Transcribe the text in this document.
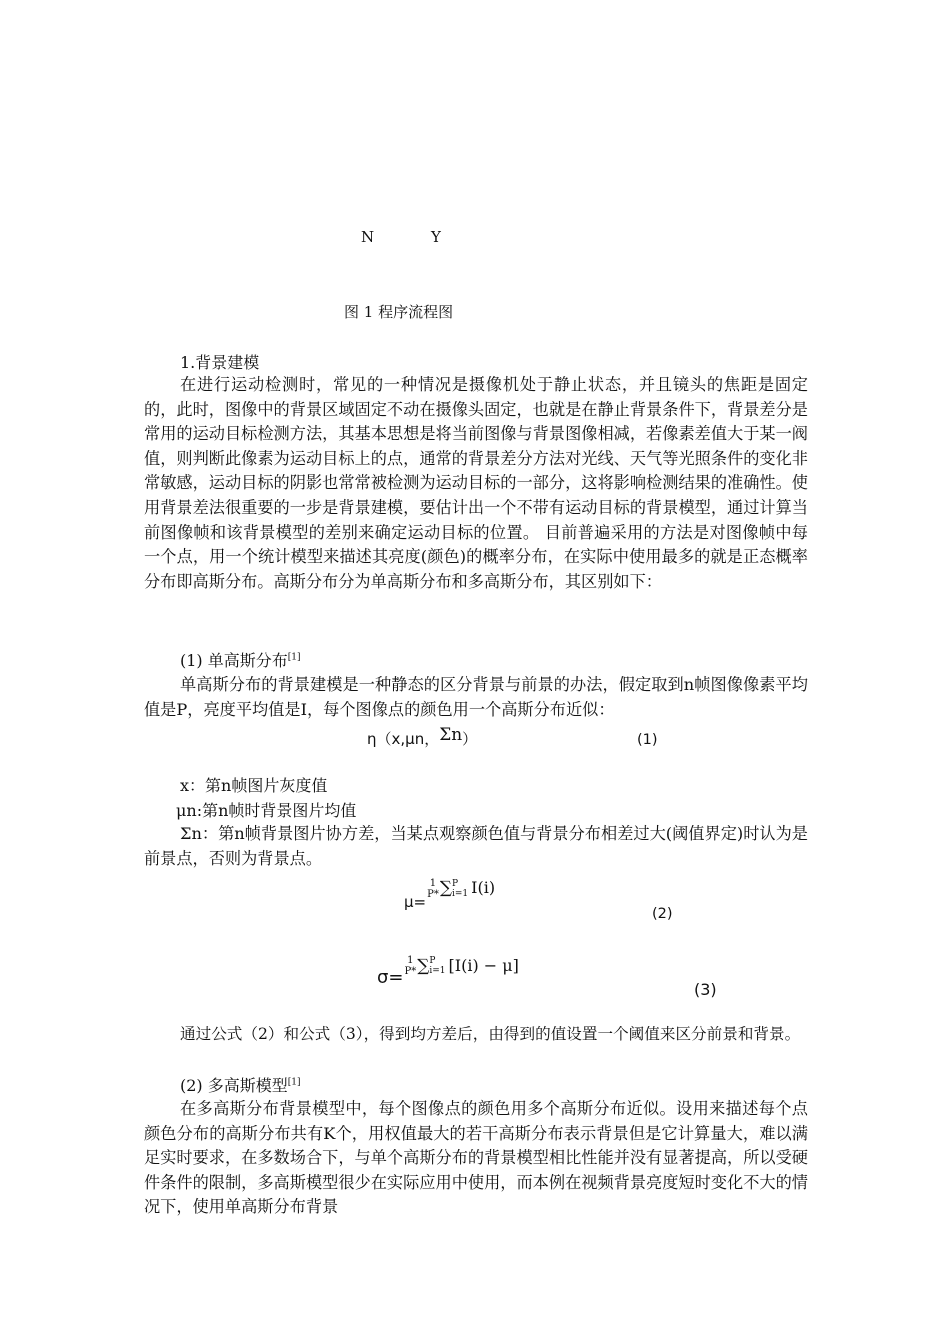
N	Y
图 1 程序流程图
1.背景建模
在进行运动检测时，常见的一种情况是摄像机处于静止状态，并且镜头的焦距是固定的，此时，图像中的背景区域固定不动在摄像头固定，也就是在静止背景条件下，背景差分是常用的运动目标检测方法，其基本思想是将当前图像与背景图像相减，若像素差值大于某一阀值，则判断此像素为运动目标上的点，通常的背景差分方法对光线、天气等光照条件的变化非常敏感，运动目标的阴影也常常被检测为运动目标的一部分，这将影响检测结果的准确性。使用背景差法很重要的一步是背景建模，要估计出一个不带有运动目标的背景模型，通过计算当前图像帧和该背景模型的差别来确定运动目标的位置。 目前普遍采用的方法是对图像帧中每一个点，用一个统计模型来描述其亮度(颜色)的概率分布，在实际中使用最多的就是正态概率分布即高斯分布。高斯分布分为单高斯分布和多高斯分布，其区别如下：
(1) 单高斯分布[1]
单高斯分布的背景建模是一种静态的区分背景与前景的办法，假定取到n帧图像像素平均值是P，亮度平均值是I，每个图像点的颜色用一个高斯分布近似：
η（x,μn，Σn）	(1)
x：第n帧图片灰度值
μn:第n帧时背景图片均值
Σn：第n帧背景图片协方差，当某点观察颜色值与背景分布相差过大(阈值界定)时认为是前景点，否则为背景点。
μ=
1
P* ∑ P
i=1 I(i)
(2)
σ=
1
P* ∑ P
i=1 [I(i) − μ]
(3)
通过公式（2）和公式（3），得到均方差后，由得到的值设置一个阈值来区分前景和背景。
(2) 多高斯模型[1]
在多高斯分布背景模型中，每个图像点的颜色用多个高斯分布近似。设用来描述每个点颜色分布的高斯分布共有K个，用权值最大的若干高斯分布表示背景但是它计算量大，难以满足实时要求，在多数场合下，与单个高斯分布的背景模型相比性能并没有显著提高，所以受硬件条件的限制，多高斯模型很少在实际应用中使用，而本例在视频背景亮度短时变化不大的情况下，使用单高斯分布背景
